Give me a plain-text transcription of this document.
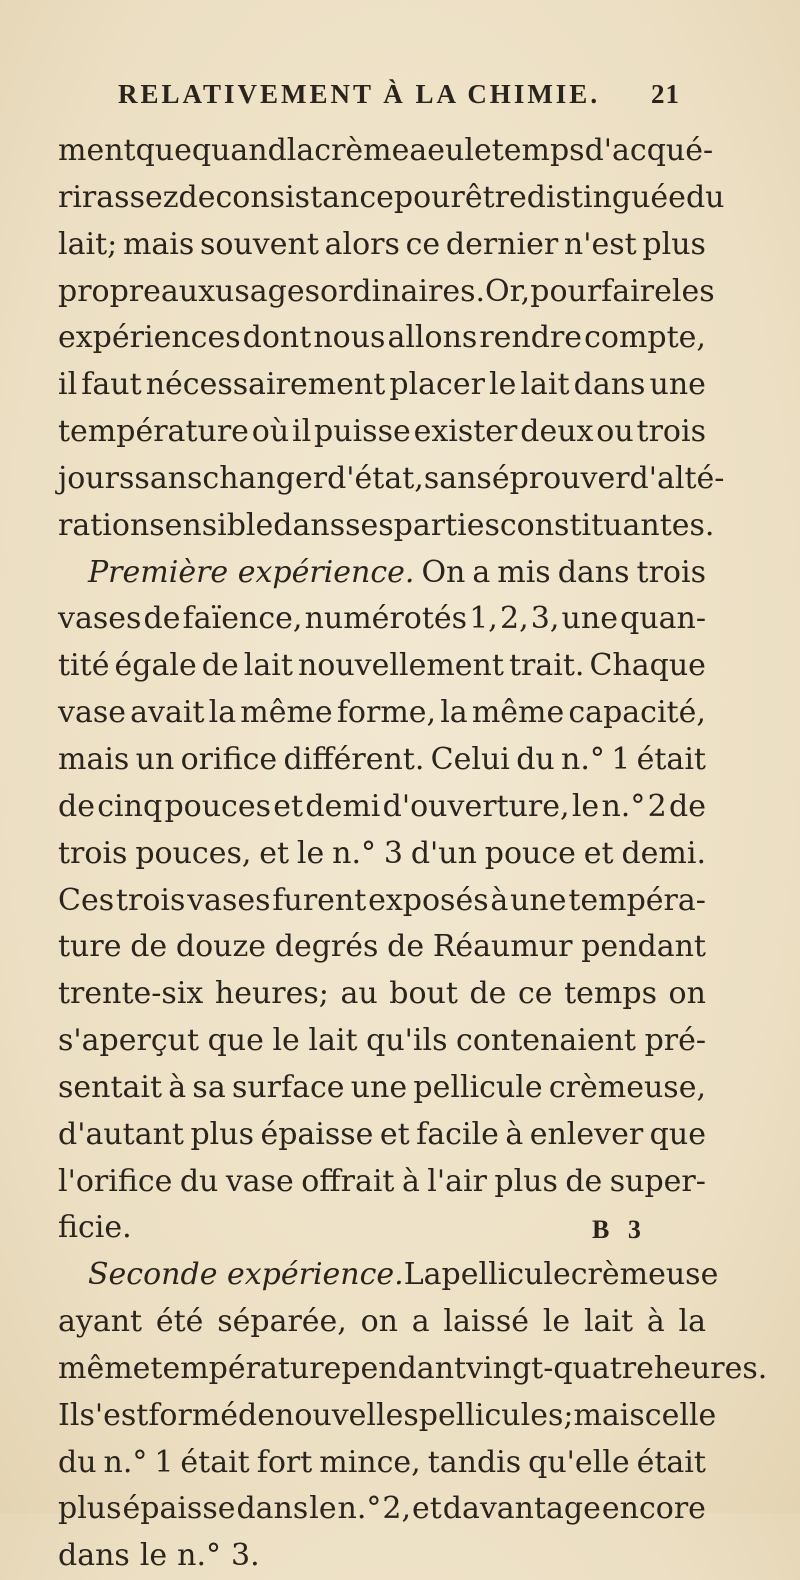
RELATIVEMENT À LA CHIMIE. 21
ment que quand la crème a eu le temps d'acqué-
rir assez de consistance pour être distinguée du
lait; mais souvent alors ce dernier n'est plus
propre aux usages ordinaires. Or, pour faire les
expériences dont nous allons rendre compte,
il faut nécessairement placer le lait dans une
température où il puisse exister deux ou trois
jours sans changer d'état, sans éprouver d'alté-
ration sensible dans ses parties constituantes.
Première expérience. On a mis dans trois
vases de faïence, numérotés 1, 2, 3, une quan-
tité égale de lait nouvellement trait. Chaque
vase avait la même forme, la même capacité,
mais un orifice différent. Celui du n.° 1 était
de cinq pouces et demi d'ouverture, le n.° 2 de
trois pouces, et le n.° 3 d'un pouce et demi.
Ces trois vases furent exposés à une tempéra-
ture de douze degrés de Réaumur pendant
trente-six heures; au bout de ce temps on
s'aperçut que le lait qu'ils contenaient pré-
sentait à sa surface une pellicule crèmeuse,
d'autant plus épaisse et facile à enlever que
l'orifice du vase offrait à l'air plus de super-
ficie.
Seconde expérience. La pellicule crèmeuse
ayant été séparée, on a laissé le lait à la
même température pendant vingt-quatre heures.
Il s'est formé de nouvelles pellicules; mais celle
du n.° 1 était fort mince, tandis qu'elle était
plus épaisse dans le n.° 2, et davantage encore
dans le n.° 3.
B 3
